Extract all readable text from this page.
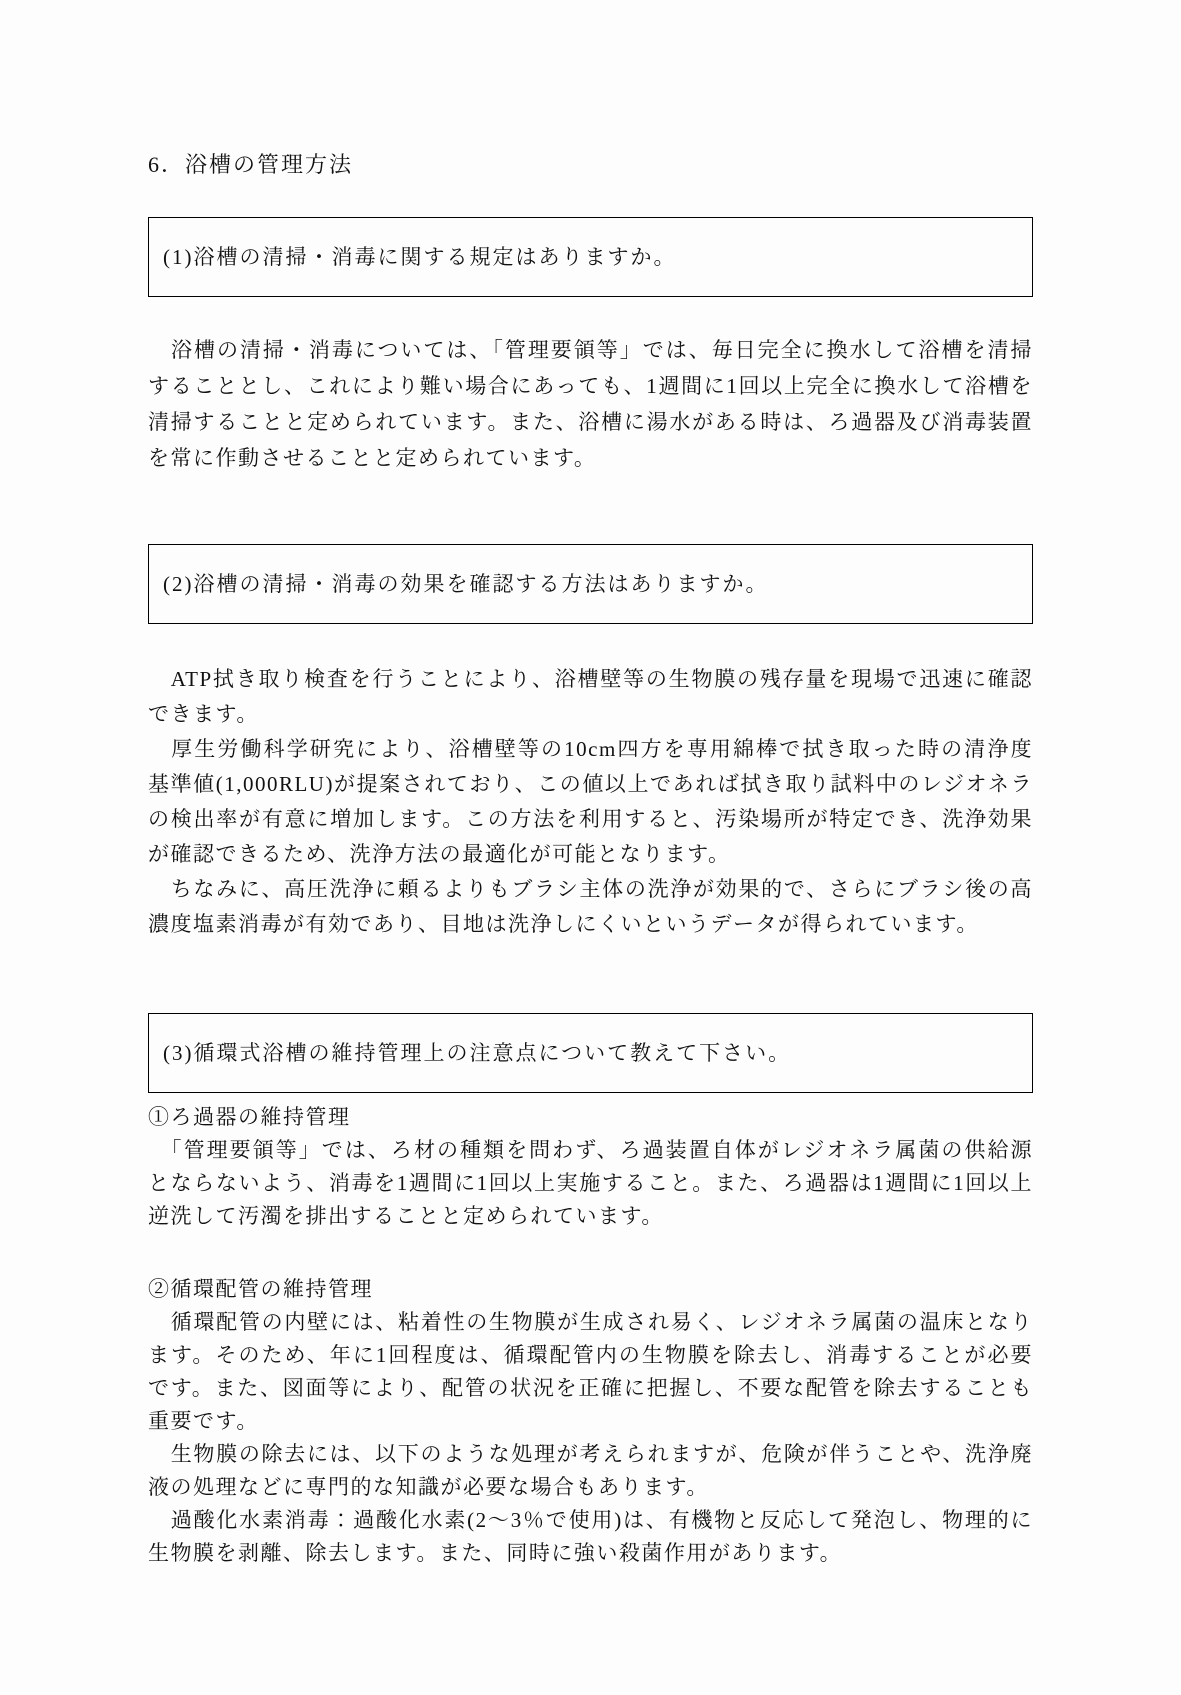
6．浴槽の管理方法
(1)浴槽の清掃・消毒に関する規定はありますか。

　浴槽の清掃・消毒については、「管理要領等」では、毎日完全に換水して浴槽を清掃することとし、これにより難い場合にあっても、1週間に1回以上完全に換水して浴槽を清掃することと定められています。また、浴槽に湯水がある時は、ろ過器及び消毒装置を常に作動させることと定められています。

(2)浴槽の清掃・消毒の効果を確認する方法はありますか。

　ATP拭き取り検査を行うことにより、浴槽壁等の生物膜の残存量を現場で迅速に確認できます。

　厚生労働科学研究により、浴槽壁等の10cm四方を専用綿棒で拭き取った時の清浄度基準値(1,000RLU)が提案されており、この値以上であれば拭き取り試料中のレジオネラの検出率が有意に増加します。この方法を利用すると、汚染場所が特定でき、洗浄効果が確認できるため、洗浄方法の最適化が可能となります。

　ちなみに、高圧洗浄に頼るよりもブラシ主体の洗浄が効果的で、さらにブラシ後の高濃度塩素消毒が有効であり、目地は洗浄しにくいというデータが得られています。

(3)循環式浴槽の維持管理上の注意点について教えて下さい。
①ろ過器の維持管理

　「管理要領等」では、ろ材の種類を問わず、ろ過装置自体がレジオネラ属菌の供給源とならないよう、消毒を1週間に1回以上実施すること。また、ろ過器は1週間に1回以上逆洗して汚濁を排出することと定められています。

②循環配管の維持管理

　循環配管の内壁には、粘着性の生物膜が生成され易く、レジオネラ属菌の温床となります。そのため、年に1回程度は、循環配管内の生物膜を除去し、消毒することが必要です。また、図面等により、配管の状況を正確に把握し、不要な配管を除去することも重要です。

　生物膜の除去には、以下のような処理が考えられますが、危険が伴うことや、洗浄廃液の処理などに専門的な知識が必要な場合もあります。

　過酸化水素消毒：過酸化水素(2～3％で使用)は、有機物と反応して発泡し、物理的に生物膜を剥離、除去します。また、同時に強い殺菌作用があります。
